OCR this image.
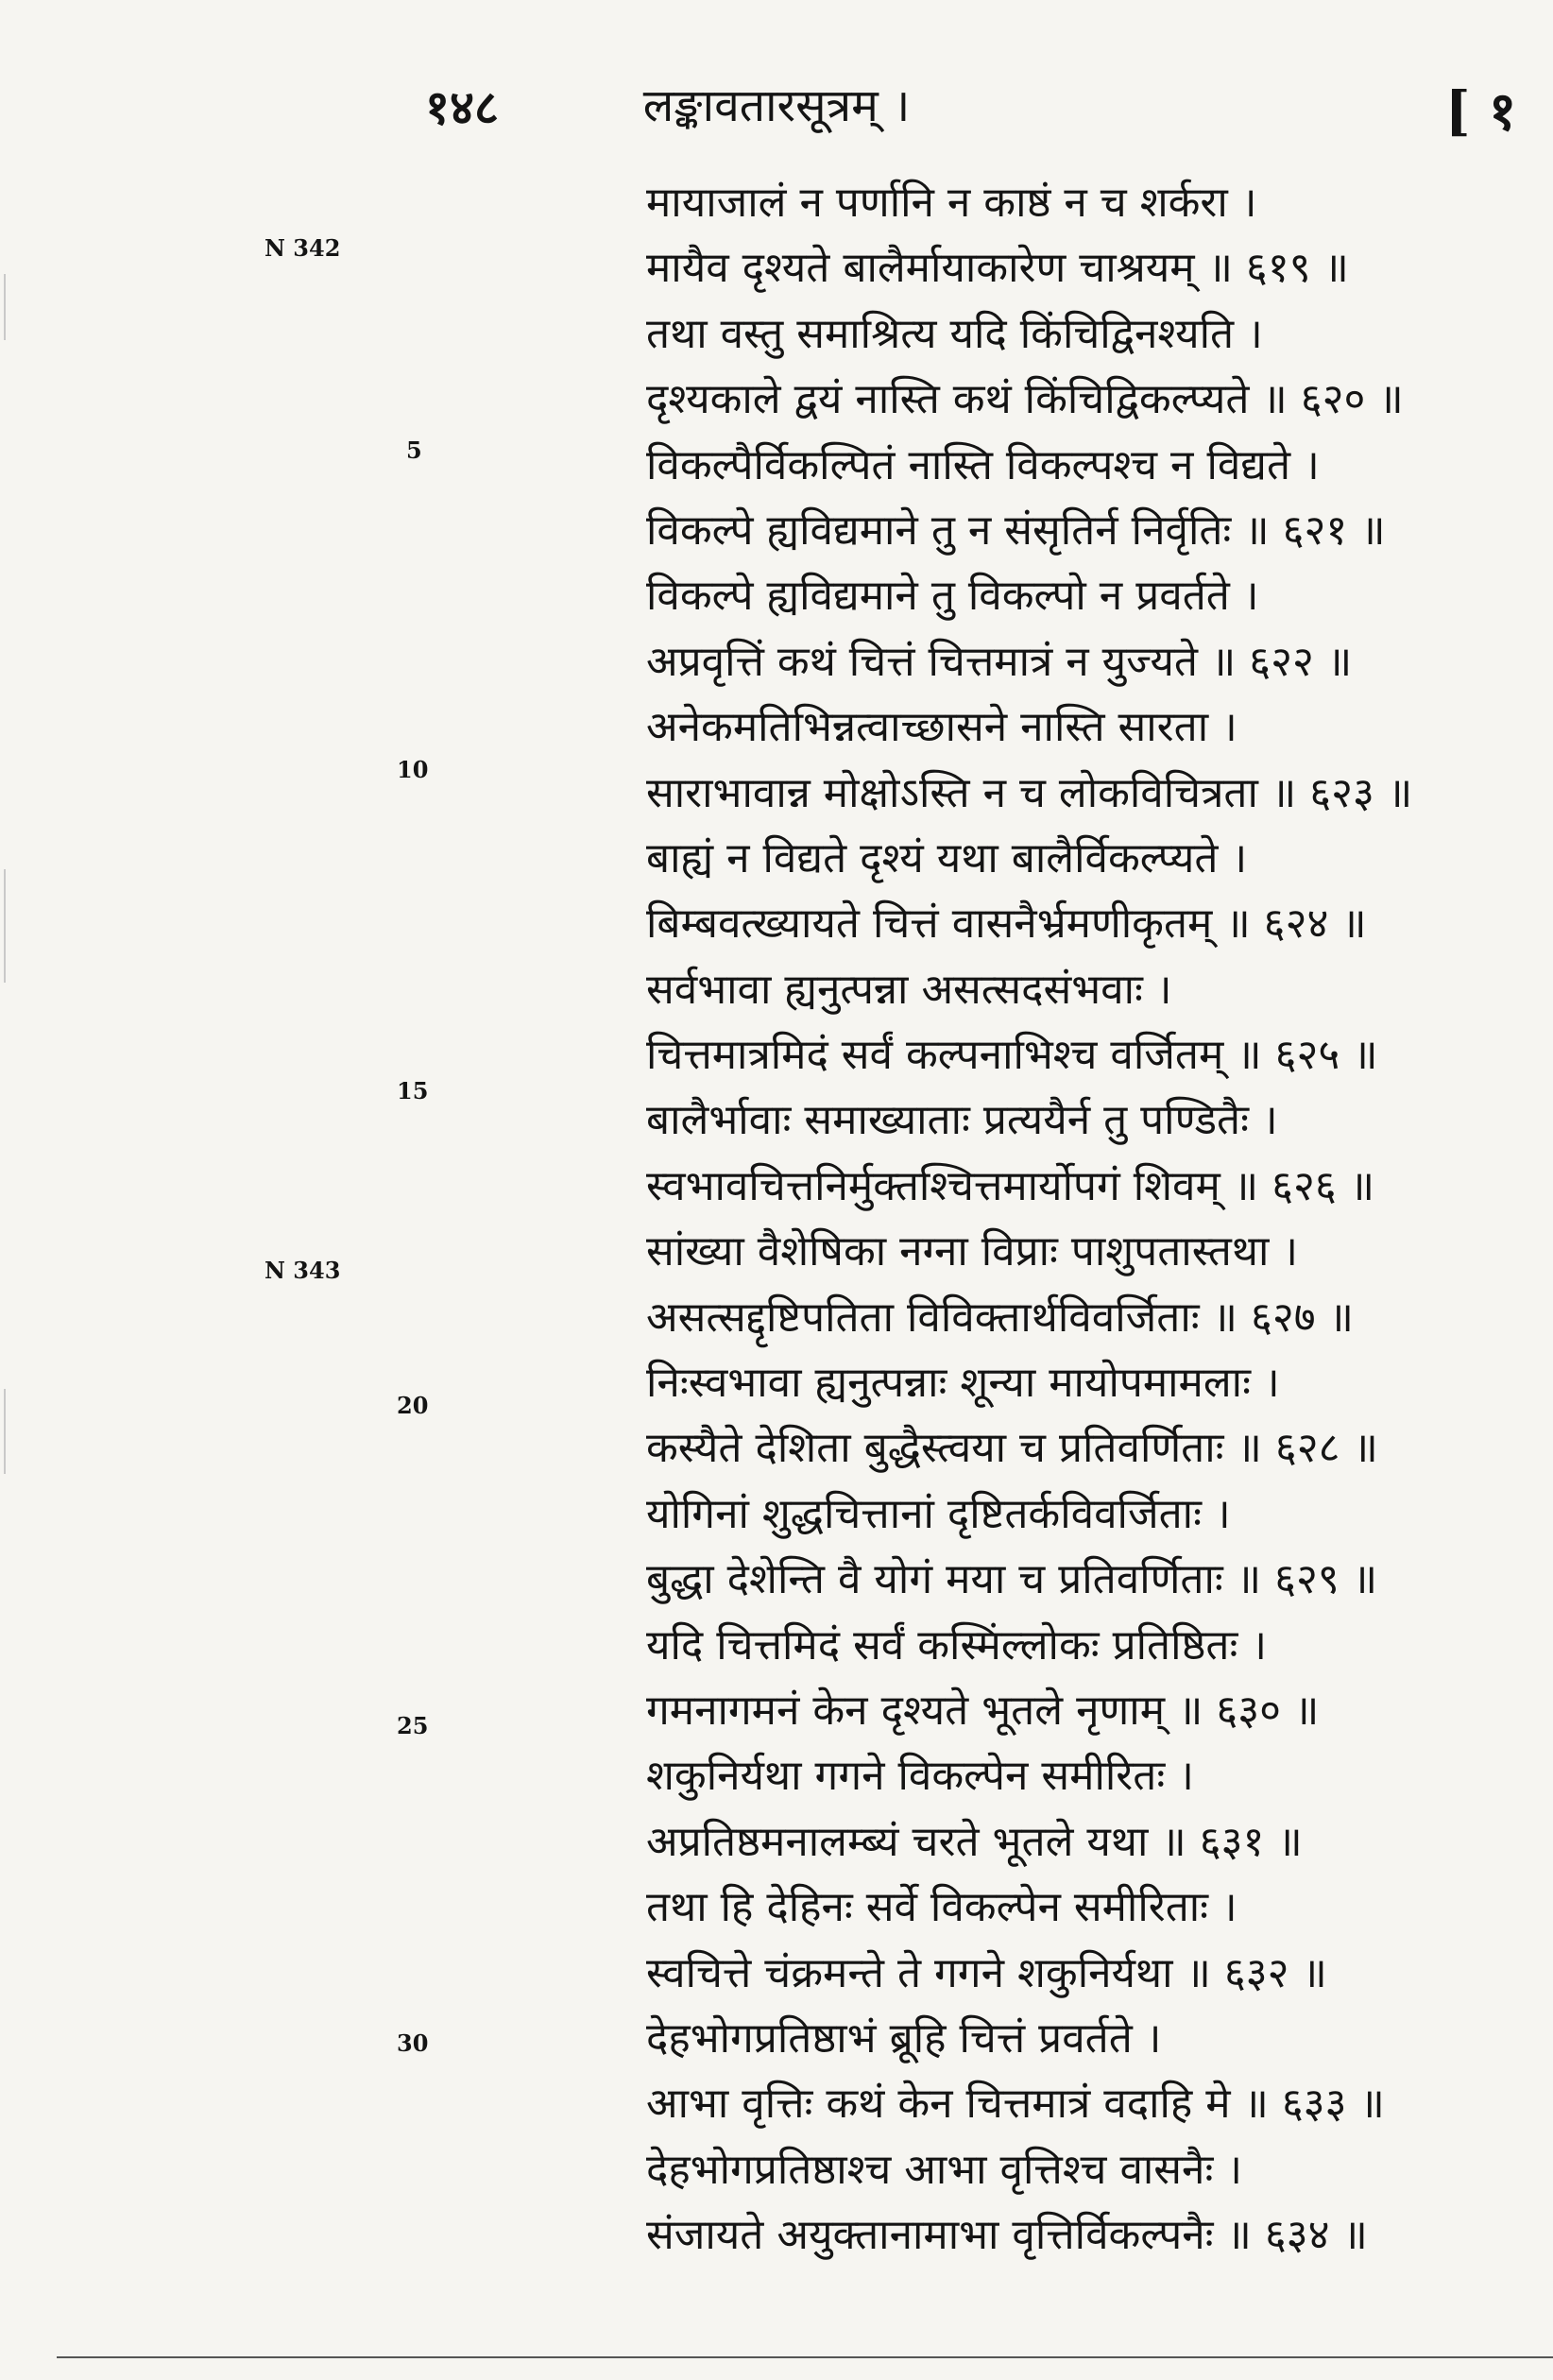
१४८	लङ्कावतारसूत्रम् ।	[ १
N 342
N 343
5
10
15
20
25
30
मायाजालं न पर्णानि न काष्ठं न च शर्करा ।
मायैव दृश्यते बालैर्मायाकारेण चाश्रयम् ॥ ६१९ ॥
तथा वस्तु समाश्रित्य यदि किंचिद्विनश्यति ।
दृश्यकाले द्वयं नास्ति कथं किंचिद्विकल्प्यते ॥ ६२० ॥
विकल्पैर्विकल्पितं नास्ति विकल्पश्च न विद्यते ।
विकल्पे ह्यविद्यमाने तु न संसृतिर्न निर्वृतिः ॥ ६२१ ॥
विकल्पे ह्यविद्यमाने तु विकल्पो न प्रवर्तते ।
अप्रवृत्तिं कथं चित्तं चित्तमात्रं न युज्यते ॥ ६२२ ॥
अनेकमतिभिन्नत्वाच्छासने नास्ति सारता ।
साराभावान्न मोक्षोऽस्ति न च लोकविचित्रता ॥ ६२३ ॥
बाह्यं न विद्यते दृश्यं यथा बालैर्विकल्प्यते ।
बिम्बवत्ख्यायते चित्तं वासनैर्भ्रमणीकृतम् ॥ ६२४ ॥
सर्वभावा ह्यनुत्पन्ना असत्सदसंभवाः ।
चित्तमात्रमिदं सर्वं कल्पनाभिश्च वर्जितम् ॥ ६२५ ॥
बालैर्भावाः समाख्याताः प्रत्ययैर्न तु पण्डितैः ।
स्वभावचित्तनिर्मुक्तश्चित्तमार्योपगं शिवम् ॥ ६२६ ॥
सांख्या वैशेषिका नग्ना विप्राः पाशुपतास्तथा ।
असत्सद्दृष्टिपतिता विविक्तार्थविवर्जिताः ॥ ६२७ ॥
निःस्वभावा ह्यनुत्पन्नाः शून्या मायोपमामलाः ।
कस्यैते देशिता बुद्धैस्त्वया च प्रतिवर्णिताः ॥ ६२८ ॥
योगिनां शुद्धचित्तानां दृष्टितर्कविवर्जिताः ।
बुद्धा देशेन्ति वै योगं मया च प्रतिवर्णिताः ॥ ६२९ ॥
यदि चित्तमिदं सर्वं कस्मिंल्लोकः प्रतिष्ठितः ।
गमनागमनं केन दृश्यते भूतले नृणाम् ॥ ६३० ॥
शकुनिर्यथा गगने विकल्पेन समीरितः ।
अप्रतिष्ठमनालम्ब्यं चरते भूतले यथा ॥ ६३१ ॥
तथा हि देहिनः सर्वे विकल्पेन समीरिताः ।
स्वचित्ते चंक्रमन्ते ते गगने शकुनिर्यथा ॥ ६३२ ॥
देहभोगप्रतिष्ठाभं ब्रूहि चित्तं प्रवर्तते ।
आभा वृत्तिः कथं केन चित्तमात्रं वदाहि मे ॥ ६३३ ॥
देहभोगप्रतिष्ठाश्च आभा वृत्तिश्च वासनैः ।
संजायते अयुक्तानामाभा वृत्तिर्विकल्पनैः ॥ ६३४ ॥
